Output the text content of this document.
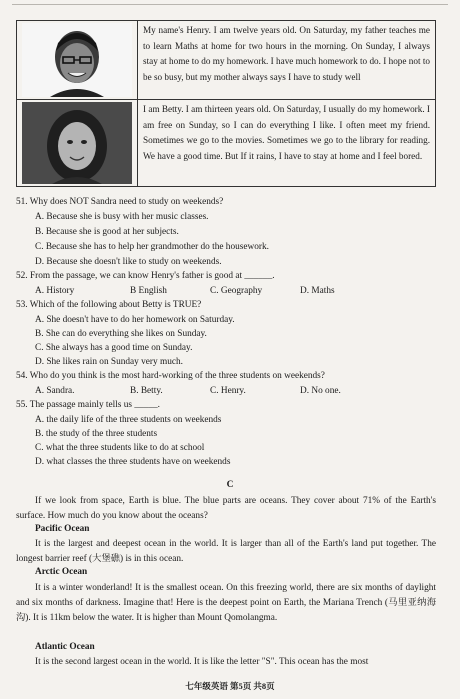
	My name's Henry. I am twelve years old. On Saturday, my father teaches me to learn Maths at home for two hours in the morning. On Sunday, I always stay at home to do my homework. I have much homework to do. I hope not to be so busy, but my mother always says I have to study well

	I am Betty. I am thirteen years old. On Saturday, I usually do my homework. I am free on Sunday, so I can do everything I like. I often meet my friend. Sometimes we go to the movies. Sometimes we go to the library for reading. We have a good time. But If it rains, I have to stay at home and I feel bored.
51. Why does NOT Sandra need to study on weekends?
A. Because she is busy with her music classes.
B. Because she is good at her subjects.
C. Because she has to help her grandmother do the housework.
D. Because she doesn't like to study on weekends.
52. From the passage, we can know Henry's father is good at ______.
A. History	B English	C. Geography	D. Maths
53. Which of the following about Betty is TRUE?
A. She doesn't have to do her homework on Saturday.
B. She can do everything she likes on Sunday.
C. She always has a good time on Sunday.
D. She likes rain on Sunday very much.
54. Who do you think is the most hard-working of the three students on weekends?
A. Sandra.	B. Betty.	C. Henry.	D. No one.
55. The passage mainly tells us _____.
A. the daily life of the three students on weekends
B. the study of the three students
C. what the three students like to do at school
D. what classes the three students have on weekends
C
If we look from space, Earth is blue. The blue parts are oceans. They cover about 71% of the Earth's surface. How much do you know about the oceans?
Pacific Ocean
It is the largest and deepest ocean in the world. It is larger than all of the Earth's land put together. The longest barrier reef (大堡礁) is in this ocean.
Arctic Ocean
It is a winter wonderland! It is the smallest ocean. On this freezing world, there are six months of daylight and six months of darkness. Imagine that! Here is the deepest point on Earth, the Mariana Trench (马里亚纳海沟). It is 11km below the water. It is higher than Mount Qomolangma.
Atlantic Ocean
It is the second largest ocean in the world. It is like the letter "S". This ocean has the most
七年级英语 第5页 共8页
